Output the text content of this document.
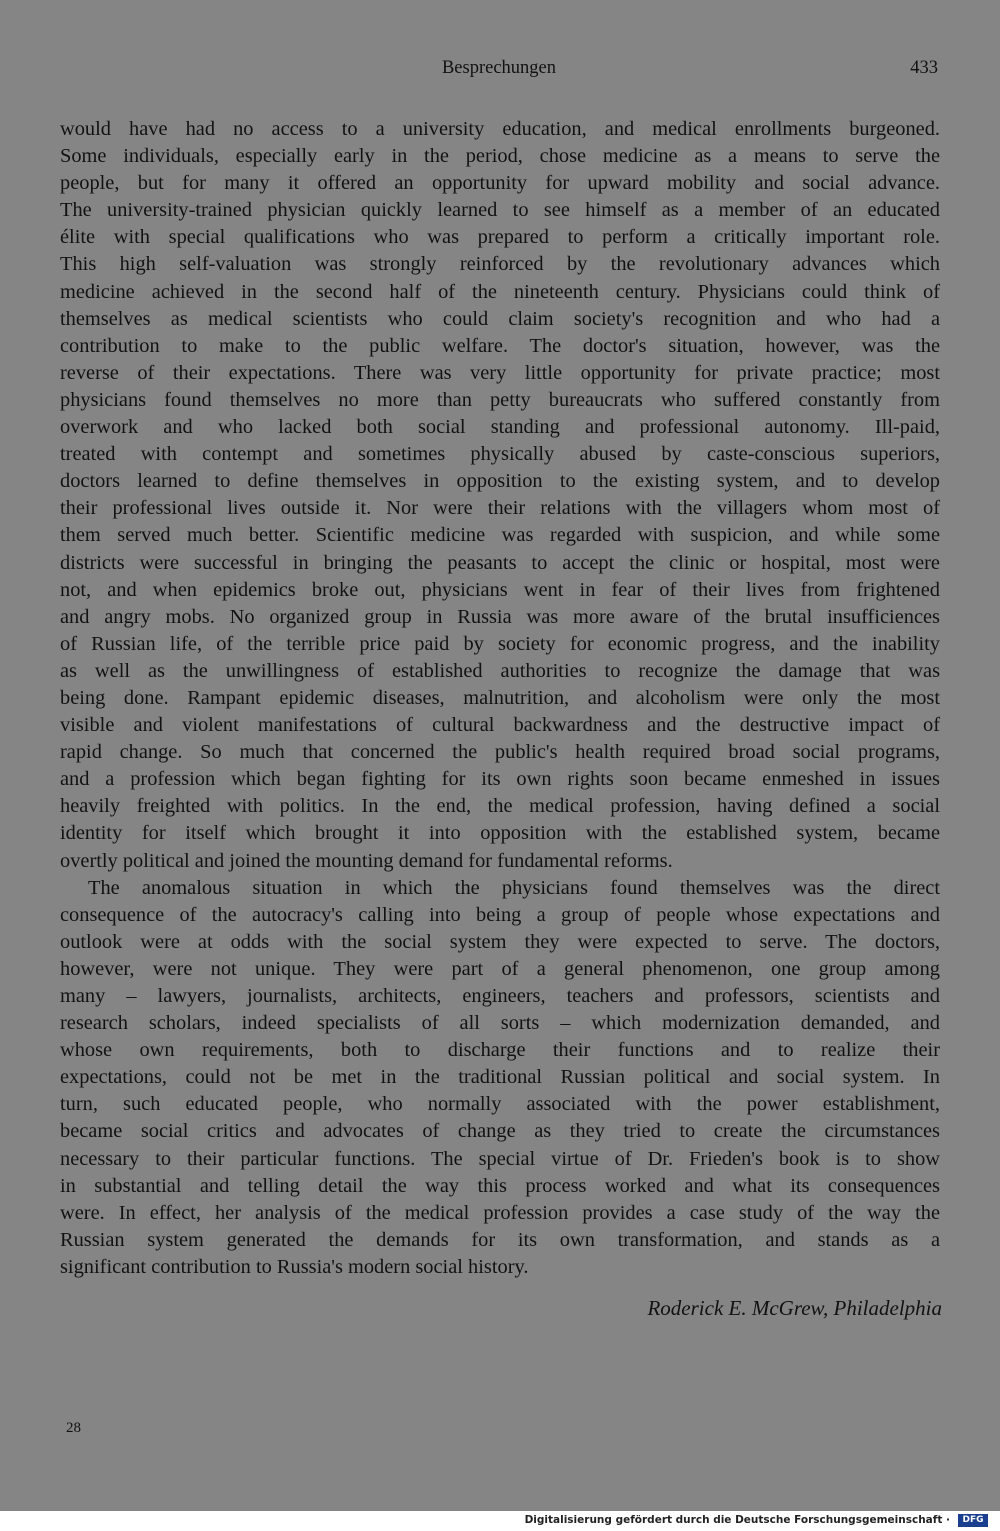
Besprechungen	433
would have had no access to a university education, and medical enrollments burgeoned.
Some individuals, especially early in the period, chose medicine as a means to serve the
people, but for many it offered an opportunity for upward mobility and social advance.
The university-trained physician quickly learned to see himself as a member of an educated
élite with special qualifications who was prepared to perform a critically important role.
This high self-valuation was strongly reinforced by the revolutionary advances which
medicine achieved in the second half of the nineteenth century. Physicians could think of
themselves as medical scientists who could claim society's recognition and who had a
contribution to make to the public welfare. The doctor's situation, however, was the
reverse of their expectations. There was very little opportunity for private practice; most
physicians found themselves no more than petty bureaucrats who suffered constantly from
overwork and who lacked both social standing and professional autonomy. Ill-paid,
treated with contempt and sometimes physically abused by caste-conscious superiors,
doctors learned to define themselves in opposition to the existing system, and to develop
their professional lives outside it. Nor were their relations with the villagers whom most of
them served much better. Scientific medicine was regarded with suspicion, and while some
districts were successful in bringing the peasants to accept the clinic or hospital, most were
not, and when epidemics broke out, physicians went in fear of their lives from frightened
and angry mobs. No organized group in Russia was more aware of the brutal insufficiences
of Russian life, of the terrible price paid by society for economic progress, and the inability
as well as the unwillingness of established authorities to recognize the damage that was
being done. Rampant epidemic diseases, malnutrition, and alcoholism were only the most
visible and violent manifestations of cultural backwardness and the destructive impact of
rapid change. So much that concerned the public's health required broad social programs,
and a profession which began fighting for its own rights soon became enmeshed in issues
heavily freighted with politics. In the end, the medical profession, having defined a social
identity for itself which brought it into opposition with the established system, became
overtly political and joined the mounting demand for fundamental reforms.
The anomalous situation in which the physicians found themselves was the direct
consequence of the autocracy's calling into being a group of people whose expectations and
outlook were at odds with the social system they were expected to serve. The doctors,
however, were not unique. They were part of a general phenomenon, one group among
many – lawyers, journalists, architects, engineers, teachers and professors, scientists and
research scholars, indeed specialists of all sorts – which modernization demanded, and
whose own requirements, both to discharge their functions and to realize their
expectations, could not be met in the traditional Russian political and social system. In
turn, such educated people, who normally associated with the power establishment,
became social critics and advocates of change as they tried to create the circumstances
necessary to their particular functions. The special virtue of Dr. Frieden's book is to show
in substantial and telling detail the way this process worked and what its consequences
were. In effect, her analysis of the medical profession provides a case study of the way the
Russian system generated the demands for its own transformation, and stands as a
significant contribution to Russia's modern social history.
Roderick E. McGrew, Philadelphia
28
Digitalisierung gefördert durch die Deutsche Forschungsgemeinschaft ·	DFG
